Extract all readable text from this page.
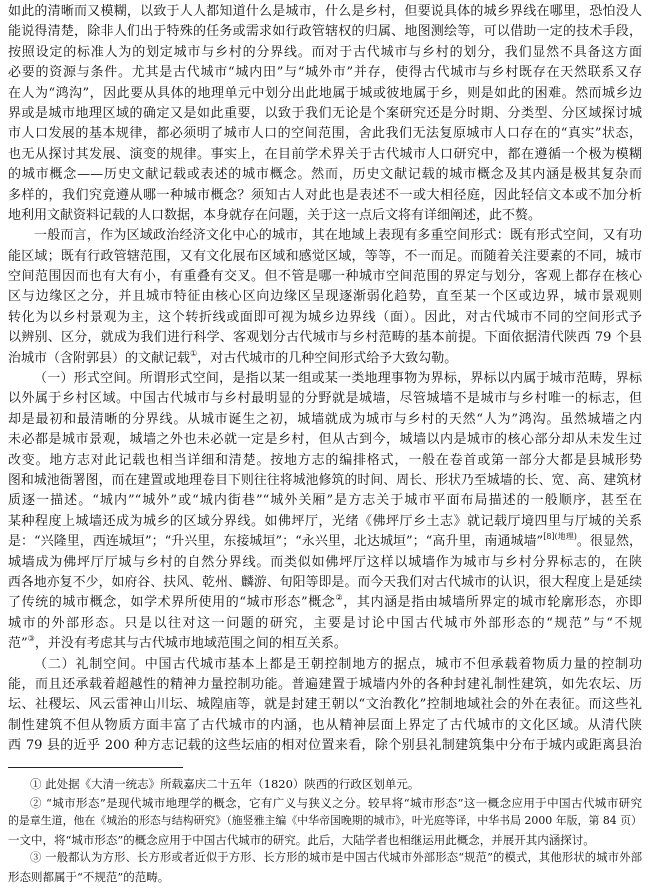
如此的清晰而又模糊，以致于人人都知道什么是城市，什么是乡村，但要说具体的城乡界线在哪里，恐怕没人
能说得清楚，除非人们出于特殊的任务或需求如行政管辖权的归属、地图测绘等，可以借助一定的技术手段，
按照设定的标准人为的划定城市与乡村的分界线。而对于古代城市与乡村的划分，我们显然不具备这方面
必要的资源与条件。尤其是古代城市“城内田”与“城外市”并存，使得古代城市与乡村既存在天然联系又存
在人为“鸿沟”，因此要从具体的地理单元中划分出此地属于城或彼地属于乡，则是如此的困难。然而城乡边
界或是城市地理区域的确定又是如此重要，以致于我们无论是个案研究还是分时期、分类型、分区域探讨城
市人口发展的基本规律，都必须明了城市人口的空间范围，舍此我们无法复原城市人口存在的“真实”状态，
也无从探讨其发展、演变的规律。事实上，在目前学术界关于古代城市人口研究中，都在遵循一个极为模糊
的城市概念——历史文献记载或表述的城市概念。然而，历史文献记载的城市概念及其内涵是极其复杂而
多样的，我们究竟遵从哪一种城市概念？须知古人对此也是表述不一或大相径庭，因此轻信文本或不加分析
地利用文献资料记载的人口数据，本身就存在问题，关于这一点后文将有详细阐述，此不赘。
一般而言，作为区域政治经济文化中心的城市，其在地域上表现有多重空间形式：既有形式空间，又有功
能区域；既有行政管辖范围，又有文化展布区域和感觉区域，等等，不一而足。而随着关注要素的不同，城市
空间范围因而也有大有小，有重叠有交叉。但不管是哪一种城市空间范围的界定与划分，客观上都存在核心
区与边缘区之分，并且城市特征由核心区向边缘区呈现逐渐弱化趋势，直至某一个区或边界，城市景观则
转化为以乡村景观为主，这个转折线或面即可视为城乡边界线（面）。因此，对古代城市不同的空间形式予
以辨别、区分，就成为我们进行科学、客观划分古代城市与乡村范畴的基本前提。下面依据清代陕西 79 个县
治城市（含附郭县）的文献记载①，对古代城市的几种空间形式给予大致勾勒。
（一）形式空间。所谓形式空间，是指以某一组或某一类地理事物为界标，界标以内属于城市范畴，界标
以外属于乡村区域。中国古代城市与乡村最明显的分野就是城墙，尽管城墙不是城市与乡村唯一的标志，但
却是最初和最清晰的分界线。从城市诞生之初，城墙就成为城市与乡村的天然“人为”鸿沟。虽然城墙之内
未必都是城市景观，城墙之外也未必就一定是乡村，但从古到今，城墙以内是城市的核心部分却从未发生过
改变。地方志对此记载也相当详细和清楚。按地方志的编排格式，一般在卷首或第一部分大都是县城形势
图和城池衙署图，而在建置或地理卷目下则往往将城池修筑的时间、周长、形状乃至城墙的长、宽、高、建筑材
质逐一描述。“城内”“城外”或“城内街巷”“城外关厢”是方志关于城市平面布局描述的一般顺序，甚至在
某种程度上城墙还成为城乡的区域分界线。如佛坪厅，光绪《佛坪厅乡土志》就记载厅境四里与厅城的关系
是：“兴隆里，西连城垣”；“升兴里，东接城垣”；“永兴里，北达城垣”；“高升里，南通城墙”$^{[8](地理)}$。很显然，
城墙成为佛坪厅厅城与乡村的自然分界线。而类似如佛坪厅这样以城墙作为城市与乡村分界标志的，在陕
西各地亦复不少，如府谷、扶风、乾州、麟游、旬阳等即是。而今天我们对古代城市的认识，很大程度上是延续
了传统的城市概念，如学术界所使用的“城市形态”概念②，其内涵是指由城墙所界定的城市轮廓形态，亦即
城市的外部形态。只是以往对这一问题的研究，主要是讨论中国古代城市外部形态的“规范”与“不规
范”③，并没有考虑其与古代城市地域范围之间的相互关系。
（二）礼制空间。中国古代城市基本上都是王朝控制地方的据点，城市不但承载着物质力量的控制功
能，而且还承载着超越性的精神力量控制功能。普遍建置于城墙内外的各种封建礼制性建筑，如先农坛、历
坛、社稷坛、风云雷神山川坛、城隍庙等，就是封建王朝以“文治教化”控制地域社会的外在表征。而这些礼
制性建筑不但从物质方面丰富了古代城市的内涵，也从精神层面上界定了古代城市的文化区域。从清代陕
西 79 县的近乎 200 种方志记载的这些坛庙的相对位置来看，除个别县礼制建筑集中分布于城内或距离县治
① 此处据《大清一统志》所载嘉庆二十五年（1820）陕西的行政区划单元。
② “城市形态”是现代城市地理学的概念，它有广义与狭义之分。较早将“城市形态”这一概念应用于中国古代城市研究
的是章生道，他在《城治的形态与结构研究》（施竖雅主编《中华帝国晚期的城市》，叶光庭等译，中华书局 2000 年版，第 84 页）
一文中，将“城市形态”的概念应用于中国古代城市的研究。此后，大陆学者也相继运用此概念，并展开其内涵探讨。
③ 一般都认为方形、长方形或者近似于方形、长方形的城市是中国古代城市外部形态“规范”的模式，其他形状的城市外部
形态则都属于“不规范”的范畴。
